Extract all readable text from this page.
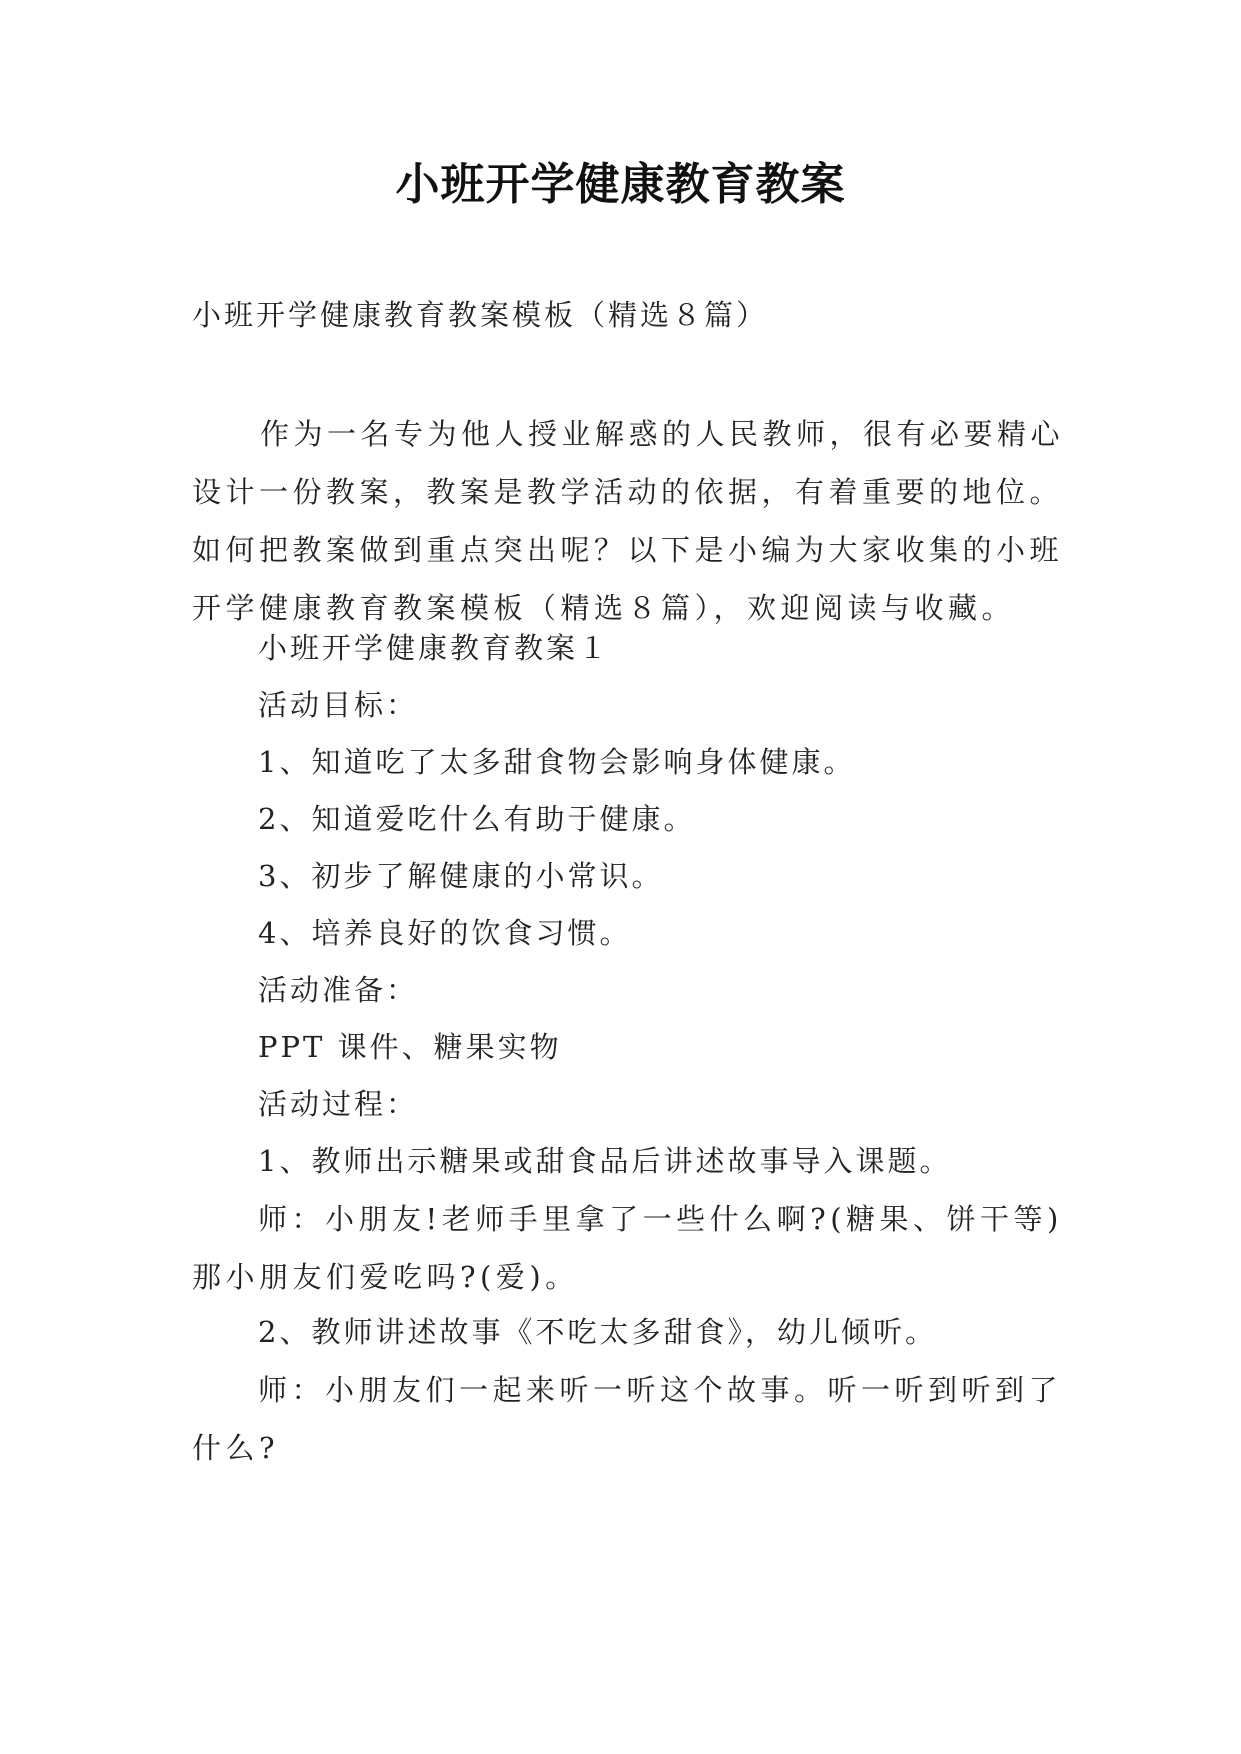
小班开学健康教育教案
小班开学健康教育教案模板（精选８篇）

作为一名专为他人授业解惑的人民教师，很有必要精心设计一份教案，教案是教学活动的依据，有着重要的地位。如何把教案做到重点突出呢？以下是小编为大家收集的小班开学健康教育教案模板（精选８篇），欢迎阅读与收藏。

小班开学健康教育教案１
活动目标：
1、知道吃了太多甜食物会影响身体健康。
2、知道爱吃什么有助于健康。
3、初步了解健康的小常识。
4、培养良好的饮食习惯。
活动准备：
PPT 课件、糖果实物
活动过程：
1、教师出示糖果或甜食品后讲述故事导入课题。

师：小朋友!老师手里拿了一些什么啊?(糖果、饼干等)那小朋友们爱吃吗?(爱)。

2、教师讲述故事《不吃太多甜食》，幼儿倾听。

师：小朋友们一起来听一听这个故事。听一听到听到了什么?
